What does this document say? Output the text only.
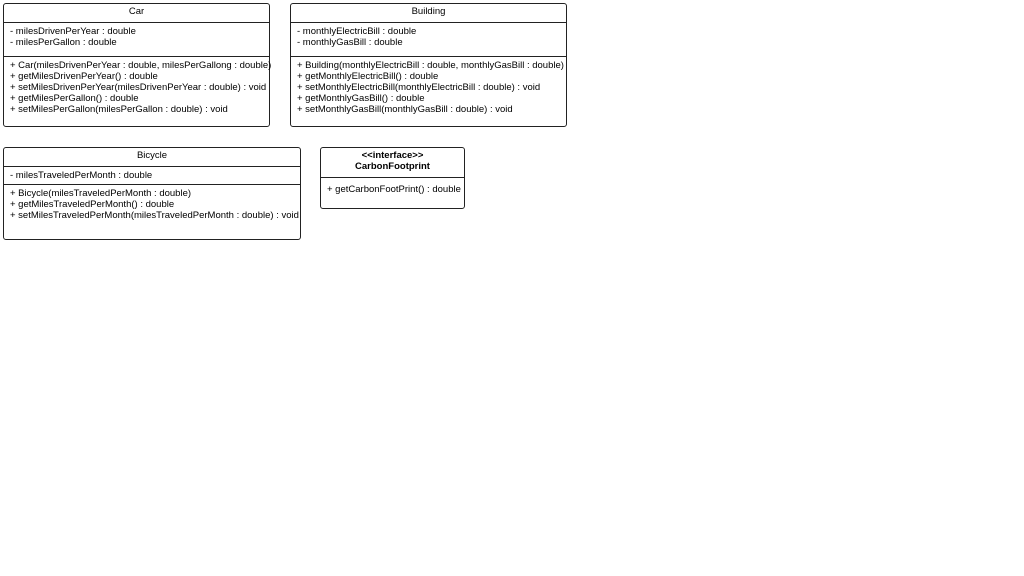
Car
- milesDrivenPerYear : double
- milesPerGallon : double
+ Car(milesDrivenPerYear : double, milesPerGallong : double)
+ getMilesDrivenPerYear() : double
+ setMilesDrivenPerYear(milesDrivenPerYear : double) : void
+ getMilesPerGallon() : double
+ setMilesPerGallon(milesPerGallon : double) : void
Building
- monthlyElectricBill : double
- monthlyGasBill : double
+ Building(monthlyElectricBill : double, monthlyGasBill : double)
+ getMonthlyElectricBill() : double
+ setMonthlyElectricBill(monthlyElectricBill : double) : void
+ getMonthlyGasBill() : double
+ setMonthlyGasBill(monthlyGasBill : double) : void
Bicycle
- milesTraveledPerMonth : double
+ Bicycle(milesTraveledPerMonth : double)
+ getMilesTraveledPerMonth() : double
+ setMilesTraveledPerMonth(milesTraveledPerMonth : double) : void
<<interface>>
CarbonFootprint
+ getCarbonFootPrint() : double
